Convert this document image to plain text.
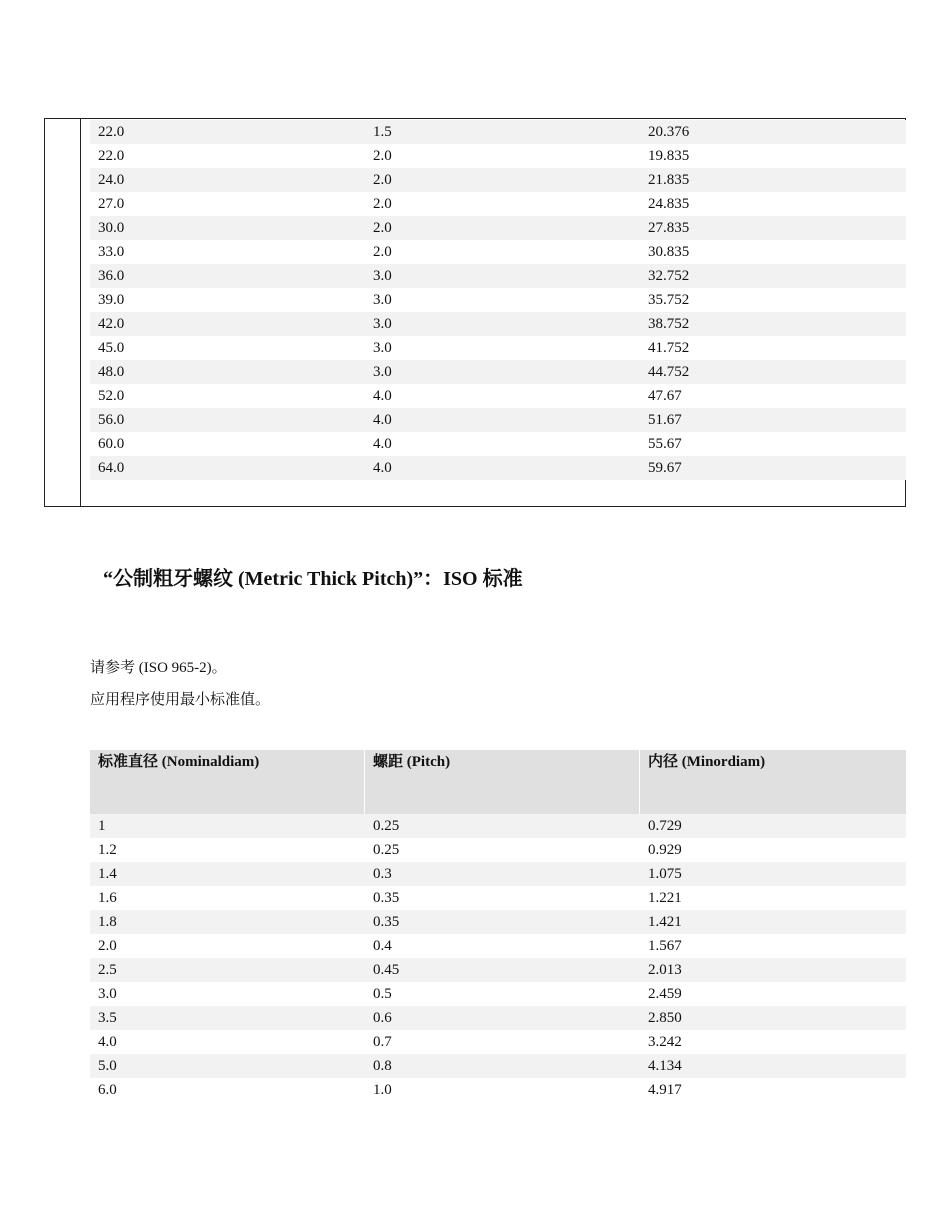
22.0	1.5	20.376
22.0	2.0	19.835
24.0	2.0	21.835
27.0	2.0	24.835
30.0	2.0	27.835
33.0	2.0	30.835
36.0	3.0	32.752
39.0	3.0	35.752
42.0	3.0	38.752
45.0	3.0	41.752
48.0	3.0	44.752
52.0	4.0	47.67
56.0	4.0	51.67
60.0	4.0	55.67
64.0	4.0	59.67
“公制粗牙螺纹 (Metric Thick Pitch)”：ISO 标准
请参考 (ISO 965-2)。
应用程序使用最小标准值。
标准直径 (Nominaldiam)	螺距 (Pitch)	内径 (Minordiam)
1	0.25	0.729
1.2	0.25	0.929
1.4	0.3	1.075
1.6	0.35	1.221
1.8	0.35	1.421
2.0	0.4	1.567
2.5	0.45	2.013
3.0	0.5	2.459
3.5	0.6	2.850
4.0	0.7	3.242
5.0	0.8	4.134
6.0	1.0	4.917
